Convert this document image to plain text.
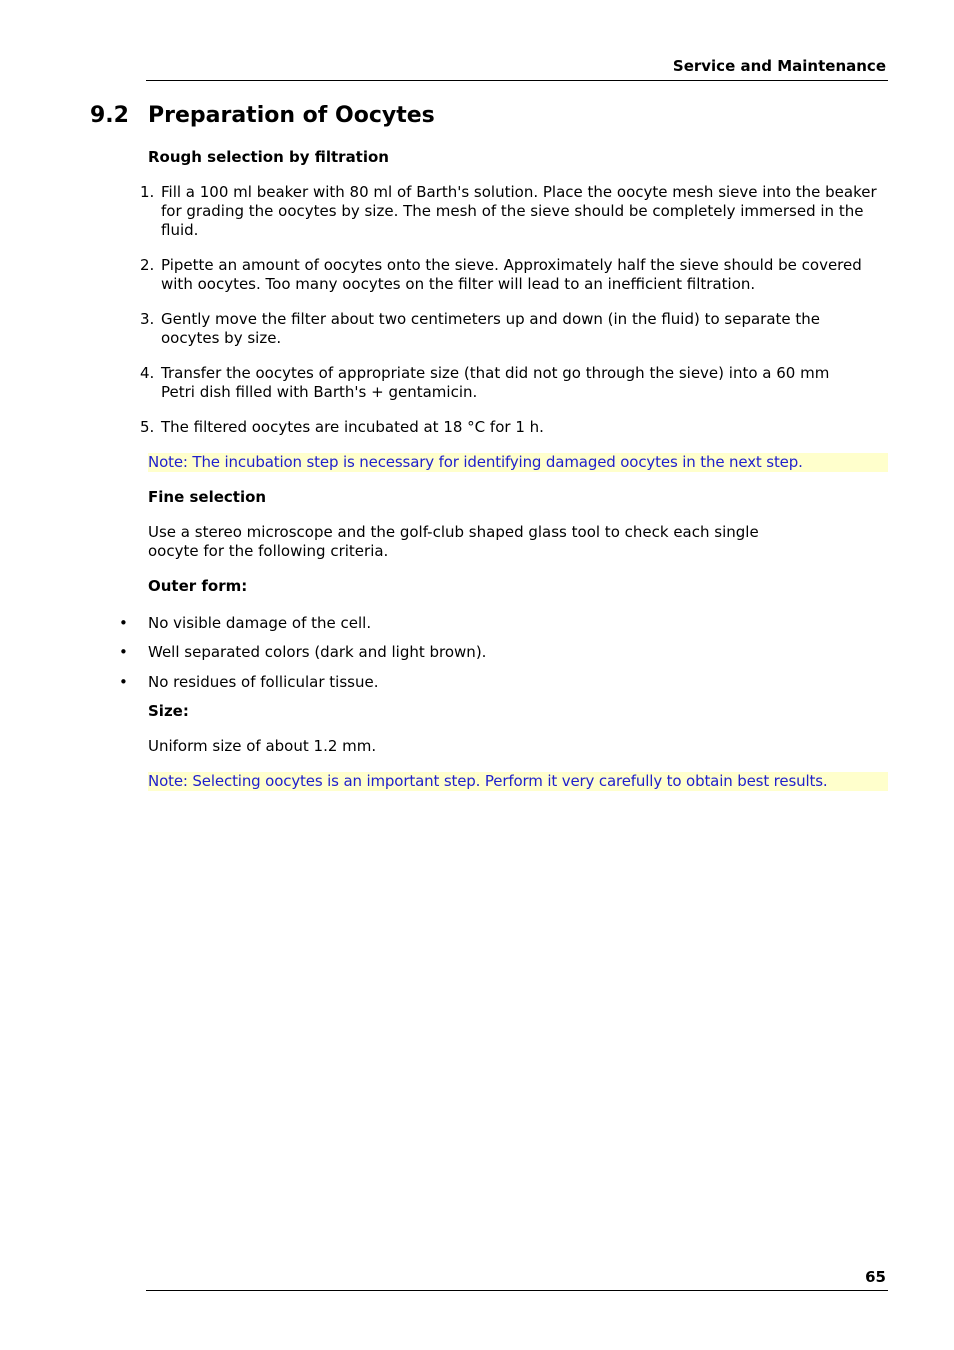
Service and Maintenance
9.2 Preparation of Oocytes

Rough selection by filtration

1. Fill a 100 ml beaker with 80 ml of Barth's solution. Place the oocyte mesh sieve into the beaker for grading the oocytes by size. The mesh of the sieve should be completely immersed in the fluid.
2. Pipette an amount of oocytes onto the sieve. Approximately half the sieve should be covered with oocytes. Too many oocytes on the filter will lead to an inefficient filtration.
3. Gently move the filter about two centimeters up and down (in the fluid) to separate the oocytes by size.
4. Transfer the oocytes of appropriate size (that did not go through the sieve) into a 60 mm Petri dish filled with Barth's + gentamicin.
5. The filtered oocytes are incubated at 18 °C for 1 h.
Note: The incubation step is necessary for identifying damaged oocytes in the next step.

Fine selection

Use a stereo microscope and the golf-club shaped glass tool to check each single oocyte for the following criteria.

Outer form:

• No visible damage of the cell.
• Well separated colors (dark and light brown).
• No residues of follicular tissue.

Size:

Uniform size of about 1.2 mm.

Note: Selecting oocytes is an important step. Perform it very carefully to obtain best results.
65
